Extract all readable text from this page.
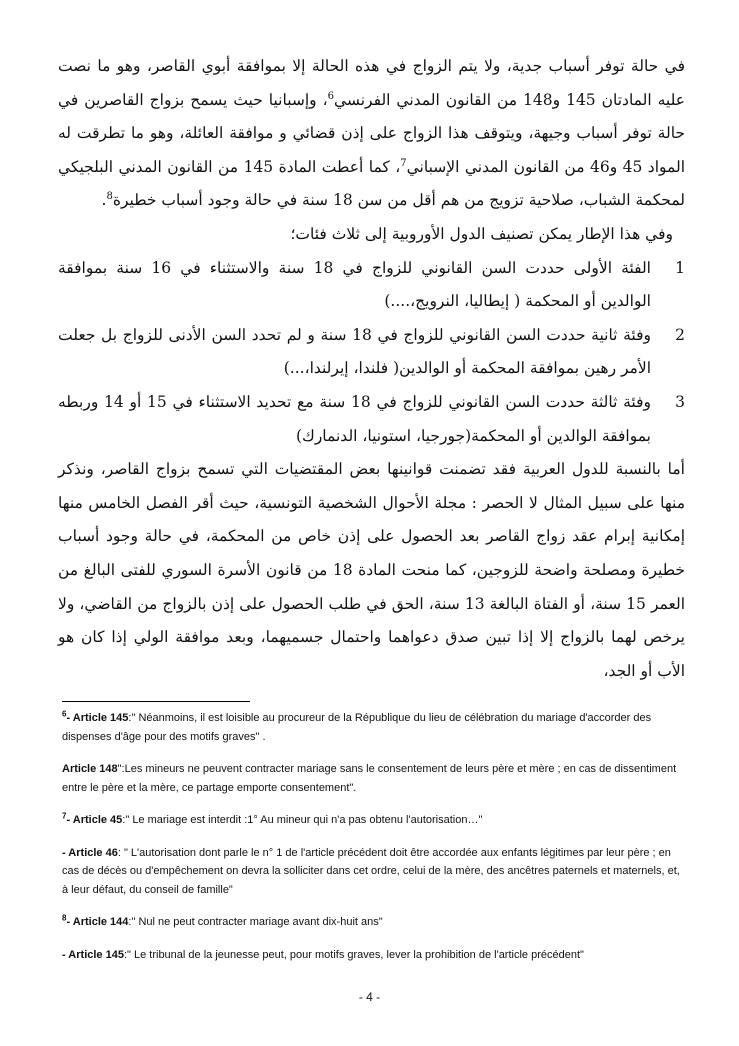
في حالة توفر أسباب جدية، ولا يتم الزواج في هذه الحالة إلا بموافقة أبوي القاصر، وهو ما نصت عليه المادتان 145 و148 من القانون المدني الفرنسي$^6$، وإسبانيا حيث يسمح بزواج القاصرين في حالة توفر أسباب وجيهة، ويتوقف هذا الزواج على إذن قضائي و موافقة العائلة، وهو ما تطرقت له المواد 45 و46 من القانون المدني الإسباني$^7$، كما أعطت المادة 145 من القانون المدني البلجيكي لمحكمة الشباب، صلاحية تزويج من هم أقل من سن 18 سنة في حالة وجود أسباب خطيرة$^8$.

وفي هذا الإطار يمكن تصنيف الدول الأوروبية إلى ثلاث فئات؛

1
الفئة الأولى حددت السن القانوني للزواج في 18 سنة والاستثناء في 16 سنة بموافقة الوالدين أو المحكمة ( إيطاليا، النرويج،....)
2
وفئة ثانية حددت السن القانوني للزواج في 18 سنة و لم تحدد السن الأدنى للزواج بل جعلت الأمر رهين بموافقة المحكمة أو الوالدين( فلندا، إيرلندا،...)
3
وفئة ثالثة حددت السن القانوني للزواج في 18 سنة مع تحديد الاستثناء في 15 أو 14 وربطه بموافقة الوالدين أو المحكمة(جورجيا، استونيا، الدنمارك)

أما بالنسبة للدول العربية فقد تضمنت قوانينها بعض المقتضيات التي تسمح بزواج القاصر، ونذكر منها على سبيل المثال لا الحصر : مجلة الأحوال الشخصية التونسية، حيث أقر الفصل الخامس منها إمكانية إبرام عقد زواج القاصر بعد الحصول على إذن خاص من المحكمة، في حالة وجود أسباب خطيرة ومصلحة واضحة للزوجين، كما منحت المادة 18 من قانون الأسرة السوري للفتى البالغ من العمر 15 سنة، أو الفتاة البالغة 13 سنة، الحق في طلب الحصول على إذن بالزواج من القاضي، ولا يرخص لهما بالزواج إلا إذا تبين صدق دعواهما واحتمال جسميهما، وبعد موافقة الولي إذا كان هو الأب أو الجد،

$^6$- Article 145:" Néanmoins, il est loisible au procureur de la République du lieu de célébration du mariage d'accorder des dispenses d'âge pour des motifs graves" .

Article 148":Les mineurs ne peuvent contracter mariage sans le consentement de leurs père et mère ; en cas de dissentiment entre le père et la mère, ce partage emporte consentement".

$^7$- Article 45:" Le mariage est interdit :1° Au mineur qui n'a pas obtenu l'autorisation…"

- Article 46: " L'autorisation dont parle le n° 1 de l'article précédent doit être accordée aux enfants légitimes par leur père ; en cas de décès ou d'empêchement on devra la solliciter dans cet ordre, celui de la mère, des ancêtres paternels et maternels, et, à leur défaut, du conseil de famille"

$^8$- Article 144:" Nul ne peut contracter mariage avant dix-huit ans"

- Article 145:" Le tribunal de la jeunesse peut, pour motifs graves, lever la prohibition de l'article précédent"

- 4 -
